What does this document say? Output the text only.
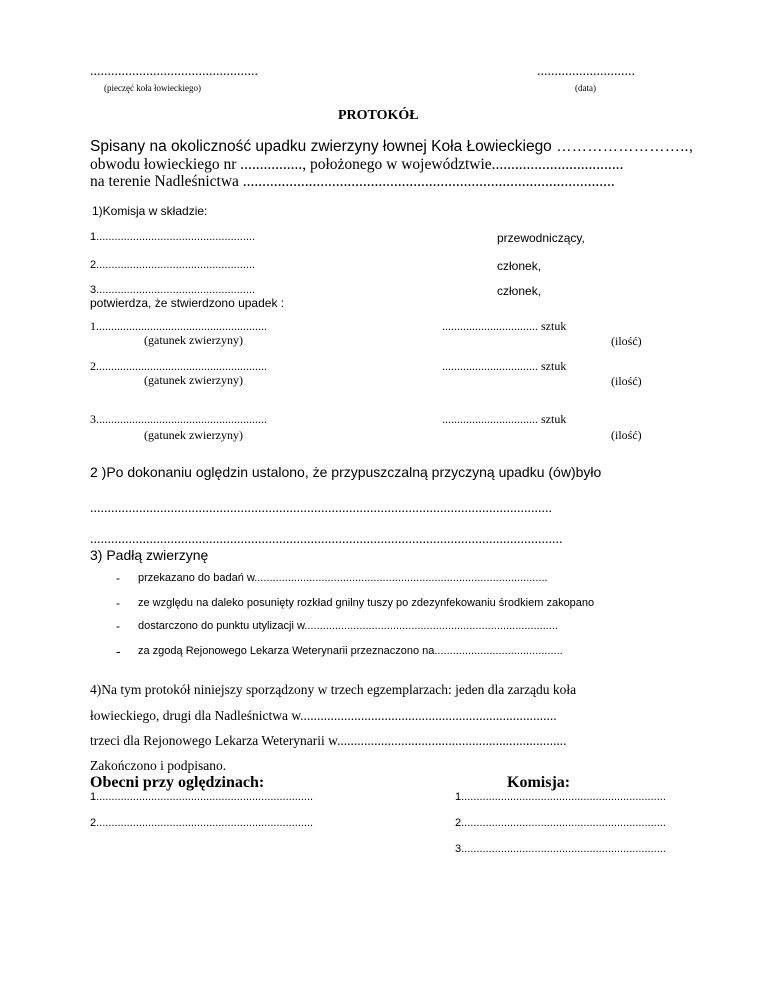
................................................
(pieczęć koła łowieckiego)
............................
(data)
PROTOKÓŁ
Spisany na okoliczność upadku zwierzyny łownej Koła Łowieckiego ……………………..,
obwodu łowieckiego nr ................, położonego w województwie..................................
na terenie Nadleśnictwa ................................................................................................
1)Komisja w składzie:
1....................................................	przewodniczący,
2....................................................	członek,
3....................................................	członek,
potwierdza, że stwierdzono upadek :
1.........................................................
(gatunek zwierzyny)
................................ sztuk
(ilość)
2.........................................................
(gatunek zwierzyny)
................................ sztuk
(ilość)
3.........................................................
(gatunek zwierzyny)
................................ sztuk
(ilość)
2 )Po dokonaniu oględzin ustalono, że przypuszczalną przyczyną upadku (ów)było
....................................................................................................................................
.......................................................................................................................................
3) Padłą zwierzynę
- przekazano do badań w................................................................................................
- ze względu na daleko posunięty rozkład gnilny tuszy po zdezynfekowaniu środkiem zakopano
- dostarczono do punktu utylizacji w...................................................................................
- za zgodą Rejonowego Lekarza Weterynarii przeznaczono na..........................................
4)Na tym protokół niniejszy sporządzony w trzech egzemplarzach: jeden dla zarządu koła
łowieckiego, drugi dla Nadleśnictwa w............................................................................
trzeci dla Rejonowego Lekarza Weterynarii w....................................................................
Zakończono i podpisano.
Obecni przy oględzinach:	Komisja:
1.......................................................................
2.......................................................................
1...................................................................
2...................................................................
3...................................................................
